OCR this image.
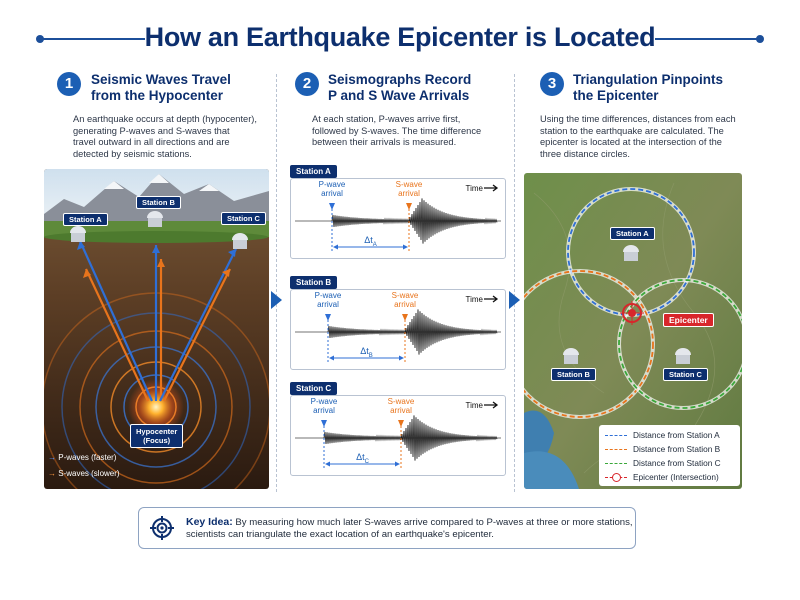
How an Earthquake Epicenter is Located
1	Seismic Waves Travel
from the Hypocenter
An earthquake occurs at depth (hypocenter),
generating P-waves and S-waves that
travel outward in all directions and are
detected by seismic stations.
Station A
Station B
Station C
Hypocenter
(Focus)
→ P-waves (faster)
→ S-waves (slower)
2	Seismographs Record
P and S Wave Arrivals
At each station, P-waves arrive first,
followed by S-waves. The time difference
between their arrivals is measured.
Station A
P-wave
arrival
S-wave
arrival
Time
$\Delta t_A$
Station B
P-wave
arrival
S-wave
arrival
Time
$\Delta t_B$
Station C
P-wave
arrival
S-wave
arrival
Time
$\Delta t_C$
3	Triangulation Pinpoints
the Epicenter
Using the time differences, distances from each
station to the earthquake are calculated. The
epicenter is located at the intersection of the
three distance circles.
Station A
Station B	Station C
Epicenter
Distance from Station A
Distance from Station B
Distance from Station C
Epicenter (Intersection)
Key Idea: By measuring how much later S-waves arrive compared to P-waves at three or more stations,
scientists can triangulate the exact location of an earthquake's epicenter.
